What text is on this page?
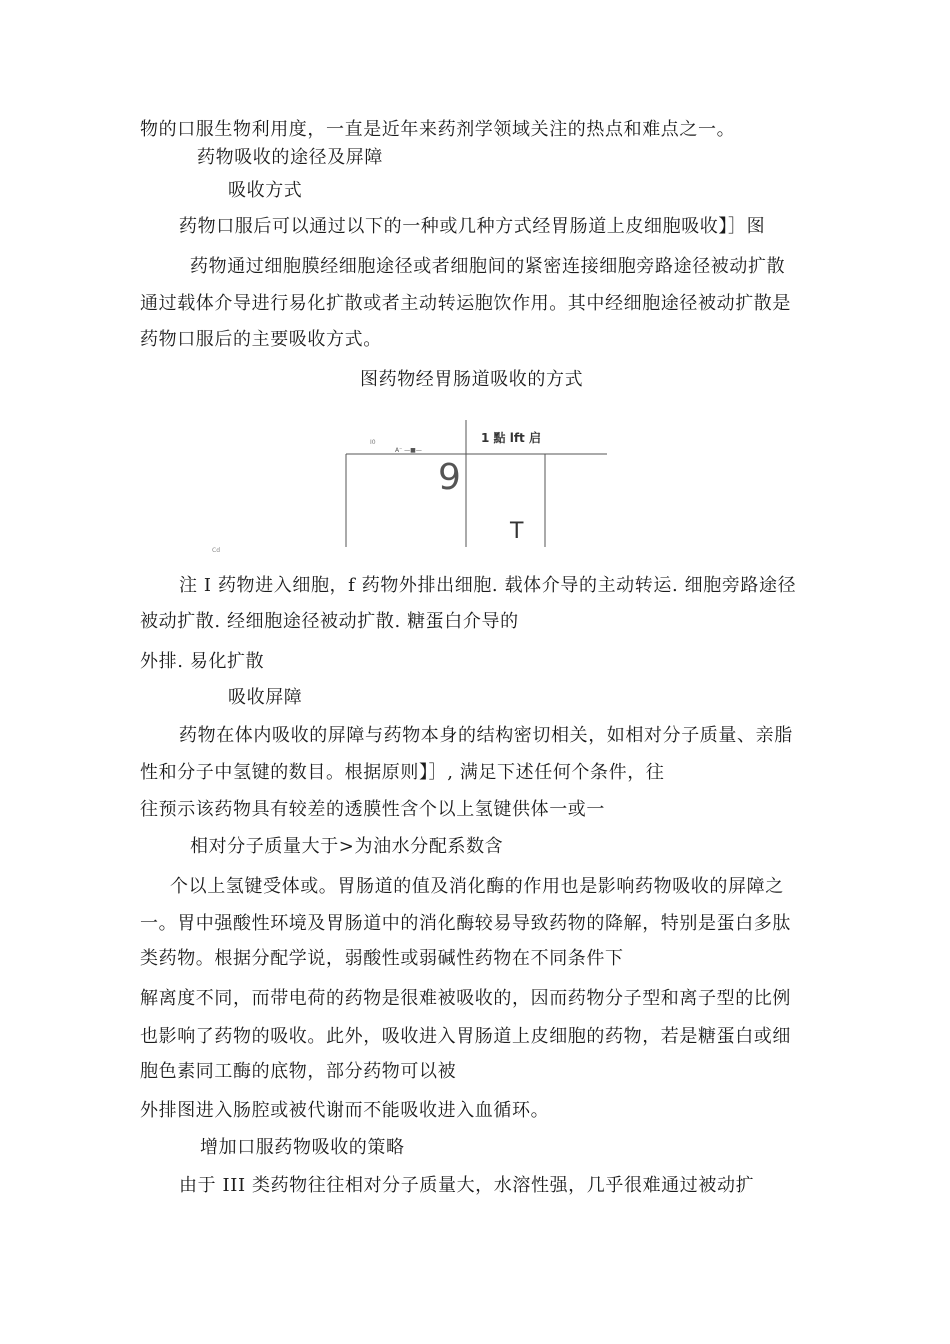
物的口服生物利用度，一直是近年来药剂学领域关注的热点和难点之一。
药物吸收的途径及屏障
吸收方式
药物口服后可以通过以下的一种或几种方式经胃肠道上皮细胞吸收】］图
药物通过细胞膜经细胞途径或者细胞间的紧密连接细胞旁路途径被动扩散
通过载体介导进行易化扩散或者主动转运胞饮作用。其中经细胞途径被动扩散是
药物口服后的主要吸收方式。
图药物经胃肠道吸收的方式
1 點 lft 启
I0
A⁻ —■—
9
T
Cd
注 I 药物进入细胞，f 药物外排出细胞. 载体介导的主动转运. 细胞旁路途径
被动扩散. 经细胞途径被动扩散. 糖蛋白介导的
外排. 易化扩散
吸收屏障
药物在体内吸收的屏障与药物本身的结构密切相关，如相对分子质量、亲脂
性和分子中氢键的数目。根据原则】］, 满足下述任何个条件，往
往预示该药物具有较差的透膜性含个以上氢键供体一或一
相对分子质量大于>为油水分配系数含
个以上氢键受体或。胃肠道的值及消化酶的作用也是影响药物吸收的屏障之
一。胃中强酸性环境及胃肠道中的消化酶较易导致药物的降解，特别是蛋白多肽
类药物。根据分配学说，弱酸性或弱碱性药物在不同条件下
解离度不同，而带电荷的药物是很难被吸收的，因而药物分子型和离子型的比例
也影响了药物的吸收。此外，吸收进入胃肠道上皮细胞的药物，若是糖蛋白或细
胞色素同工酶的底物，部分药物可以被
外排图进入肠腔或被代谢而不能吸收进入血循环。
增加口服药物吸收的策略
由于 III 类药物往往相对分子质量大，水溶性强，几乎很难通过被动扩
